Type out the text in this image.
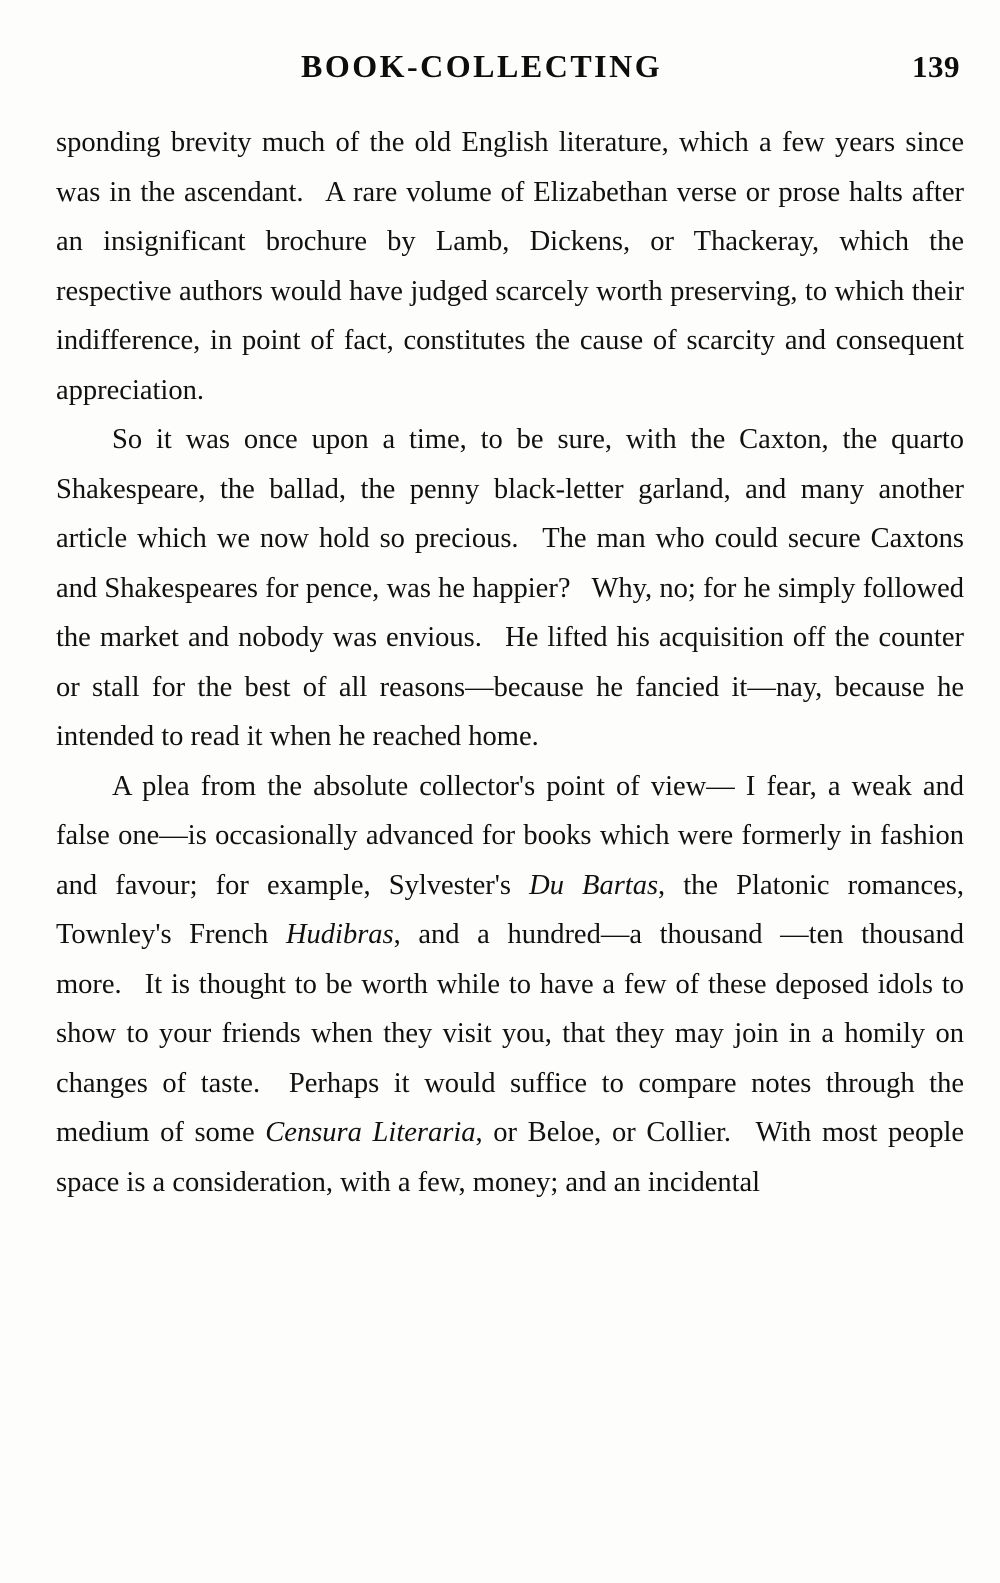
BOOK-COLLECTING	139

sponding brevity much of the old English literature, which a few years since was in the ascendant.  A rare volume of Elizabethan verse or prose halts after an insignificant brochure by Lamb, Dickens, or Thackeray, which the respective authors would have judged scarcely worth preserving, to which their indifference, in point of fact, constitutes the cause of scarcity and consequent appreciation.

So it was once upon a time, to be sure, with the Caxton, the quarto Shakespeare, the ballad, the penny black-letter garland, and many another article which we now hold so precious.  The man who could secure Caxtons and Shakespeares for pence, was he happier?  Why, no; for he simply followed the market and nobody was envious.  He lifted his acquisition off the counter or stall for the best of all reasons—because he fancied it—nay, because he intended to read it when he reached home.

A plea from the absolute collector's point of view— I fear, a weak and false one—is occasionally advanced for books which were formerly in fashion and favour; for example, Sylvester's Du Bartas, the Platonic romances, Townley's French Hudibras, and a hundred—a thousand —ten thousand more.  It is thought to be worth while to have a few of these deposed idols to show to your friends when they visit you, that they may join in a homily on changes of taste.  Perhaps it would suffice to compare notes through the medium of some Censura Literaria, or Beloe, or Collier.  With most people space is a consideration, with a few, money; and an incidental
